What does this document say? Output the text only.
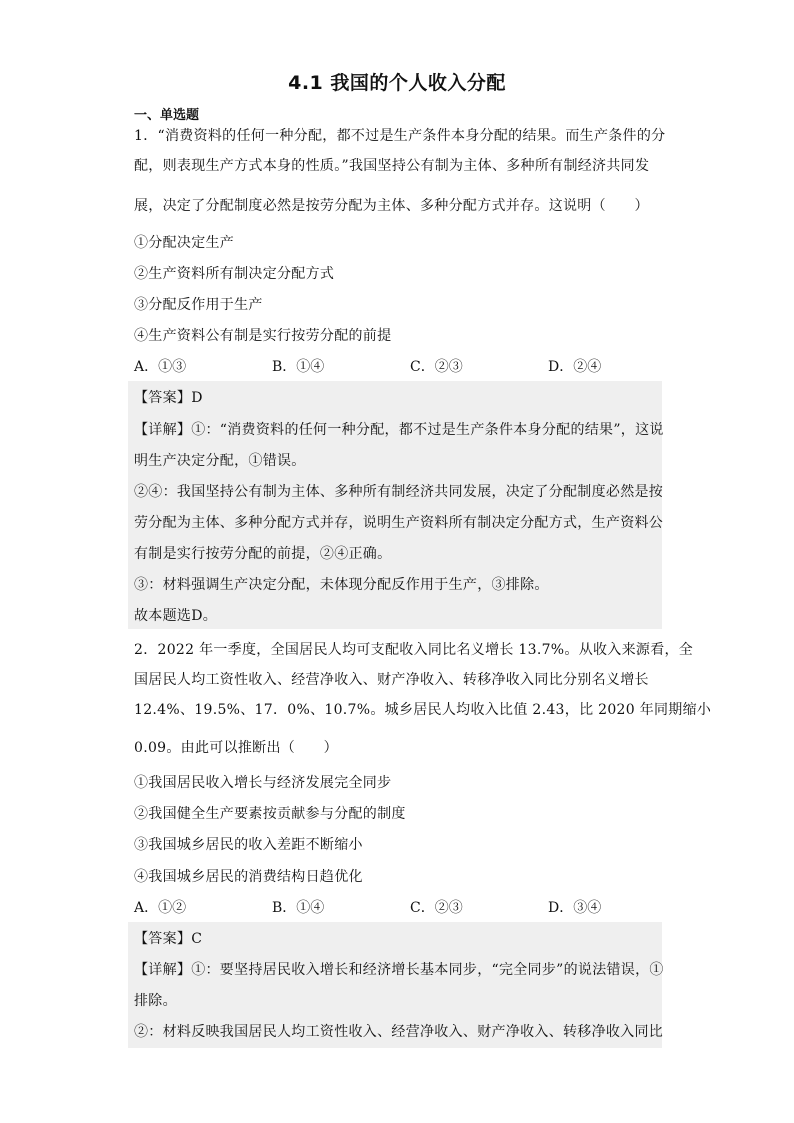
4.1 我国的个人收入分配
一、单选题
1．“消费资料的任何一种分配，都不过是生产条件本身分配的结果。而生产条件的分
配，则表现生产方式本身的性质。”我国坚持公有制为主体、多种所有制经济共同发
展，决定了分配制度必然是按劳分配为主体、多种分配方式并存。这说明（　　）
①分配决定生产
②生产资料所有制决定分配方式
③分配反作用于生产
④生产资料公有制是实行按劳分配的前提
A．①③	B．①④	C．②③	D．②④
【答案】D
【详解】①：“消费资料的任何一种分配，都不过是生产条件本身分配的结果”，这说
明生产决定分配，①错误。
②④：我国坚持公有制为主体、多种所有制经济共同发展，决定了分配制度必然是按
劳分配为主体、多种分配方式并存，说明生产资料所有制决定分配方式，生产资料公
有制是实行按劳分配的前提，②④正确。
③：材料强调生产决定分配，未体现分配反作用于生产，③排除。
故本题选D。
2．2022 年一季度，全国居民人均可支配收入同比名义增长 13.7%。从收入来源看，全
国居民人均工资性收入、经营净收入、财产净收入、转移净收入同比分别名义增长
12.4%、19.5%、17．0%、10.7%。城乡居民人均收入比值 2.43，比 2020 年同期缩小
0.09。由此可以推断出（　　）
①我国居民收入增长与经济发展完全同步
②我国健全生产要素按贡献参与分配的制度
③我国城乡居民的收入差距不断缩小
④我国城乡居民的消费结构日趋优化
A．①②	B．①④	C．②③	D．③④
【答案】C
【详解】①：要坚持居民收入增长和经济增长基本同步，“完全同步”的说法错误，①
排除。
②：材料反映我国居民人均工资性收入、经营净收入、财产净收入、转移净收入同比
